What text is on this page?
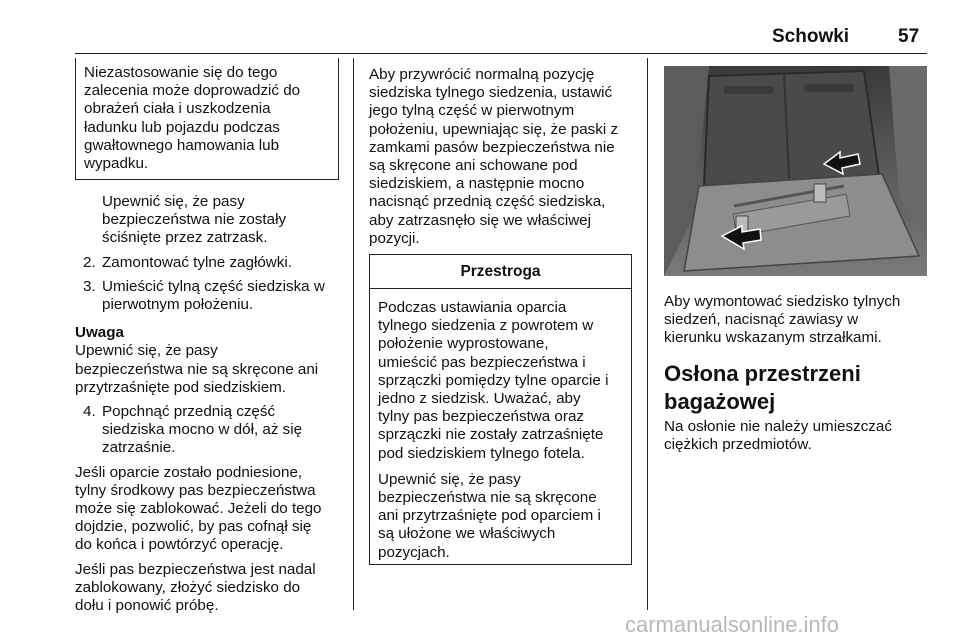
Schowki	57
Niezastosowanie się do tego
zalecenia może doprowadzić do
obrażeń ciała i uszkodzenia
ładunku lub pojazdu podczas
gwałtownego hamowania lub
wypadku.
Upewnić się, że pasy
bezpieczeństwa nie zostały
ściśnięte przez zatrzask.
2. Zamontować tylne zagłówki.
3. Umieścić tylną część siedziska w
pierwotnym położeniu.
Uwaga
Upewnić się, że pasy
bezpieczeństwa nie są skręcone ani
przytrzaśnięte pod siedziskiem.
4. Popchnąć przednią część
siedziska mocno w dół, aż się
zatrzaśnie.
Jeśli oparcie zostało podniesione,
tylny środkowy pas bezpieczeństwa
może się zablokować. Jeżeli do tego
dojdzie, pozwolić, by pas cofnął się
do końca i powtórzyć operację.
Jeśli pas bezpieczeństwa jest nadal
zablokowany, złożyć siedzisko do
dołu i ponowić próbę.
Aby przywrócić normalną pozycję
siedziska tylnego siedzenia, ustawić
jego tylną część w pierwotnym
położeniu, upewniając się, że paski z
zamkami pasów bezpieczeństwa nie
są skręcone ani schowane pod
siedziskiem, a następnie mocno
nacisnąć przednią część siedziska,
aby zatrzasnęło się we właściwej
pozycji.
Przestroga
Podczas ustawiania oparcia
tylnego siedzenia z powrotem w
położenie wyprostowane,
umieścić pas bezpieczeństwa i
sprzączki pomiędzy tylne oparcie i
jedno z siedzisk. Uważać, aby
tylny pas bezpieczeństwa oraz
sprzączki nie zostały zatrzaśnięte
pod siedziskiem tylnego fotela.
Upewnić się, że pasy
bezpieczeństwa nie są skręcone
ani przytrzaśnięte pod oparciem i
są ułożone we właściwych
pozycjach.
Aby wymontować siedzisko tylnych
siedzeń, nacisnąć zawiasy w
kierunku wskazanym strzałkami.
Osłona przestrzeni
bagażowej
Na osłonie nie należy umieszczać
ciężkich przedmiotów.
carmanualsonline.info
